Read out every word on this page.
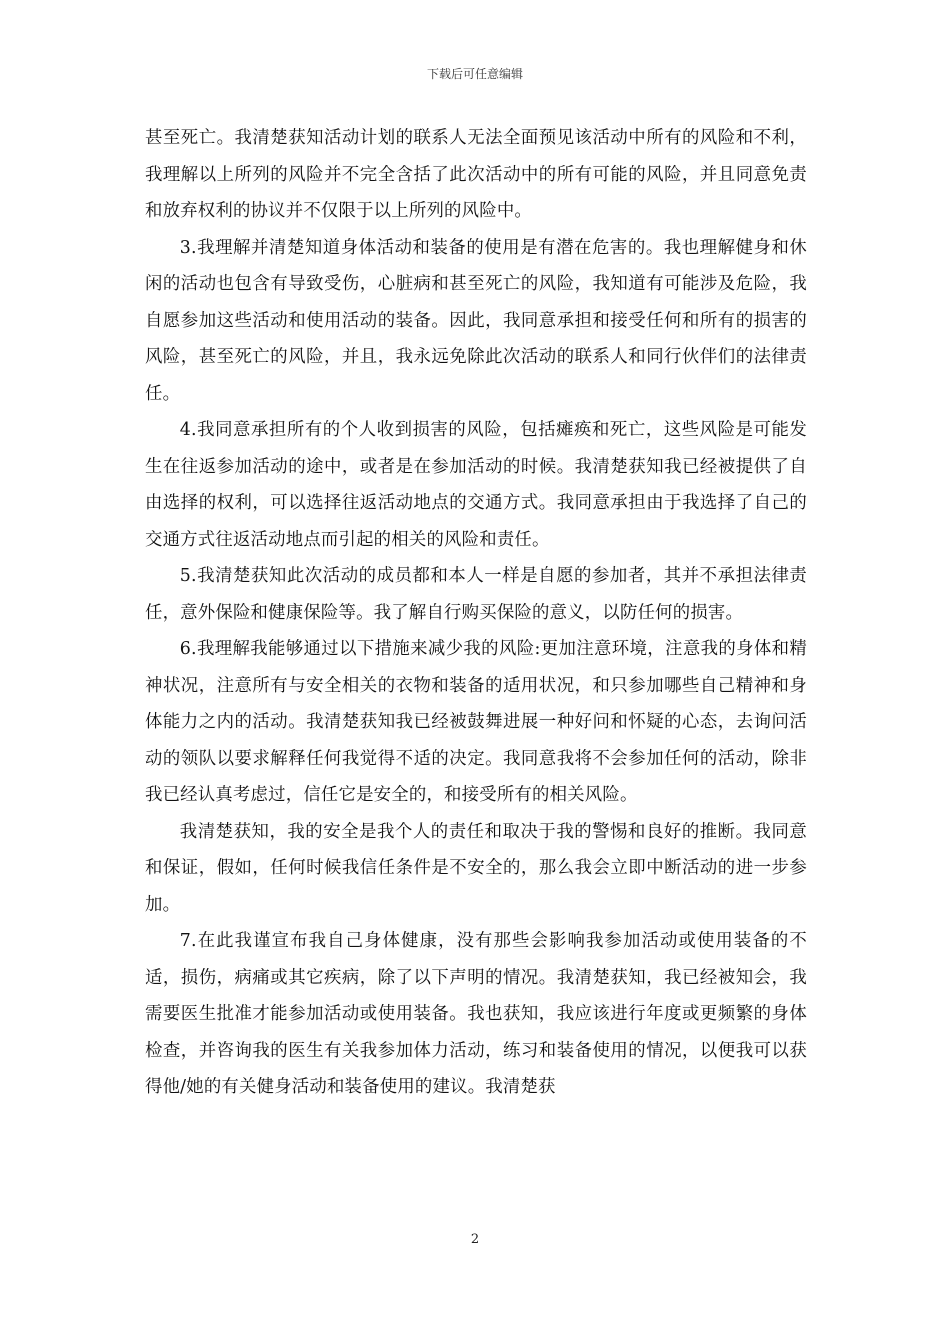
下载后可任意编辑

甚至死亡。我清楚获知活动计划的联系人无法全面预见该活动中所有的风险和不利，我理解以上所列的风险并不完全含括了此次活动中的所有可能的风险，并且同意免责和放弃权利的协议并不仅限于以上所列的风险中。

3.我理解并清楚知道身体活动和装备的使用是有潜在危害的。我也理解健身和休闲的活动也包含有导致受伤，心脏病和甚至死亡的风险，我知道有可能涉及危险，我自愿参加这些活动和使用活动的装备。因此，我同意承担和接受任何和所有的损害的风险，甚至死亡的风险，并且，我永远免除此次活动的联系人和同行伙伴们的法律责任。

4.我同意承担所有的个人收到损害的风险，包括瘫痪和死亡，这些风险是可能发生在往返参加活动的途中，或者是在参加活动的时候。我清楚获知我已经被提供了自由选择的权利，可以选择往返活动地点的交通方式。我同意承担由于我选择了自己的交通方式往返活动地点而引起的相关的风险和责任。

5.我清楚获知此次活动的成员都和本人一样是自愿的参加者，其并不承担法律责任，意外保险和健康保险等。我了解自行购买保险的意义，以防任何的损害。

6.我理解我能够通过以下措施来减少我的风险:更加注意环境，注意我的身体和精神状况，注意所有与安全相关的衣物和装备的适用状况，和只参加哪些自己精神和身体能力之内的活动。我清楚获知我已经被鼓舞进展一种好问和怀疑的心态，去询问活动的领队以要求解释任何我觉得不适的决定。我同意我将不会参加任何的活动，除非我已经认真考虑过，信任它是安全的，和接受所有的相关风险。

我清楚获知，我的安全是我个人的责任和取决于我的警惕和良好的推断。我同意和保证，假如，任何时候我信任条件是不安全的，那么我会立即中断活动的进一步参加。

7.在此我谨宣布我自己身体健康，没有那些会影响我参加活动或使用装备的不适，损伤，病痛或其它疾病，除了以下声明的情况。我清楚获知，我已经被知会，我需要医生批准才能参加活动或使用装备。我也获知，我应该进行年度或更频繁的身体检查，并咨询我的医生有关我参加体力活动，练习和装备使用的情况，以便我可以获得他/她的有关健身活动和装备使用的建议。我清楚获

2
